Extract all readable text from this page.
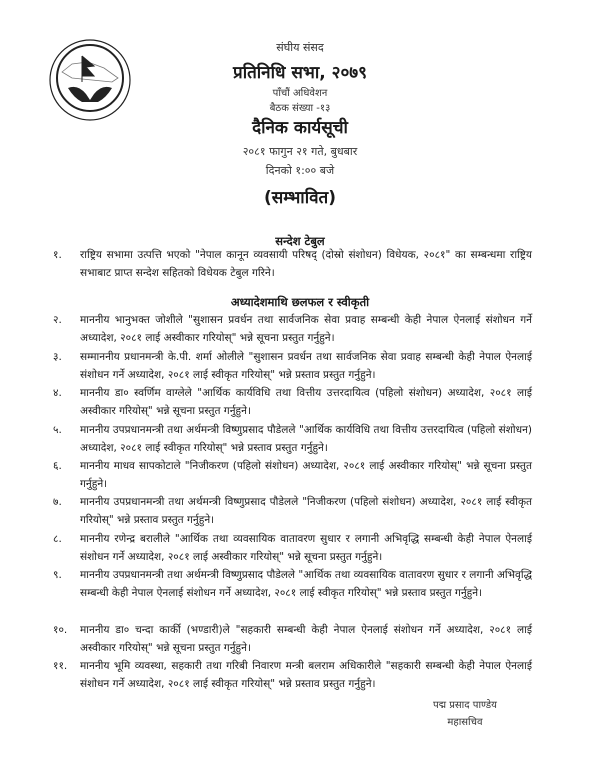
संघीय संसद
प्रतिनिधि सभा, २०७९
पाँचौं अधिवेशन
बैठक संख्या -१३
दैनिक कार्यसूची
२०८१ फागुन २१ गते, बुधबार
दिनको १:०० बजे
(सम्भावित)
सन्देश टेबुल
१. राष्ट्रिय सभामा उत्पत्ति भएको "नेपाल कानून व्यवसायी परिषद् (दोस्रो संशोधन) विधेयक, २०८१" का सम्बन्धमा राष्ट्रिय सभाबाट प्राप्त सन्देश सहितको विधेयक टेबुल गरिने।
अध्यादेशमाथि छलफल र स्वीकृती
२. माननीय भानुभक्त जोशीले "सुशासन प्रवर्धन तथा सार्वजनिक सेवा प्रवाह सम्बन्धी केही नेपाल ऐनलाई संशोधन गर्ने अध्यादेश, २०८१ लाई अस्वीकार गरियोस्" भन्ने सूचना प्रस्तुत गर्नुहुने।
३. सम्माननीय प्रधानमन्त्री के.पी. शर्मा ओलीले "सुशासन प्रवर्धन तथा सार्वजनिक सेवा प्रवाह सम्बन्धी केही नेपाल ऐनलाई संशोधन गर्ने अध्यादेश, २०८१ लाई स्वीकृत गरियोस्" भन्ने प्रस्ताव प्रस्तुत गर्नुहुने।
४. माननीय डा० स्वर्णिम वाग्लेले "आर्थिक कार्यविधि तथा वित्तीय उत्तरदायित्व (पहिलो संशोधन) अध्यादेश, २०८१ लाई अस्वीकार गरियोस्" भन्ने सूचना प्रस्तुत गर्नुहुने।
५. माननीय उपप्रधानमन्त्री तथा अर्थमन्त्री विष्णुप्रसाद पौडेलले "आर्थिक कार्यविधि तथा वित्तीय उत्तरदायित्व (पहिलो संशोधन) अध्यादेश, २०८१ लाई स्वीकृत गरियोस्" भन्ने प्रस्ताव प्रस्तुत गर्नुहुने।
६. माननीय माधव सापकोटाले "निजीकरण (पहिलो संशोधन) अध्यादेश, २०८१ लाई अस्वीकार गरियोस्" भन्ने सूचना प्रस्तुत गर्नुहुने।
७. माननीय उपप्रधानमन्त्री तथा अर्थमन्त्री विष्णुप्रसाद पौडेलले "निजीकरण (पहिलो संशोधन) अध्यादेश, २०८१ लाई स्वीकृत गरियोस्" भन्ने प्रस्ताव प्रस्तुत गर्नुहुने।
८. माननीय रणेन्द्र बरालीले "आर्थिक तथा व्यवसायिक वातावरण सुधार र लगानी अभिवृद्धि सम्बन्धी केही नेपाल ऐनलाई संशोधन गर्ने अध्यादेश, २०८१ लाई अस्वीकार गरियोस्" भन्ने सूचना प्रस्तुत गर्नुहुने।
९. माननीय उपप्रधानमन्त्री तथा अर्थमन्त्री विष्णुप्रसाद पौडेलले "आर्थिक तथा व्यवसायिक वातावरण सुधार र लगानी अभिवृद्धि सम्बन्धी केही नेपाल ऐनलाई संशोधन गर्ने अध्यादेश, २०८१ लाई स्वीकृत गरियोस्" भन्ने प्रस्ताव प्रस्तुत गर्नुहुने।
१०. माननीय डा० चन्दा कार्की (भण्डारी)ले "सहकारी सम्बन्धी केही नेपाल ऐनलाई संशोधन गर्ने अध्यादेश, २०८१ लाई अस्वीकार गरियोस्" भन्ने सूचना प्रस्तुत गर्नुहुने।
११. माननीय भूमि व्यवस्था, सहकारी तथा गरिबी निवारण मन्त्री बलराम अधिकारीले "सहकारी सम्बन्धी केही नेपाल ऐनलाई संशोधन गर्ने अध्यादेश, २०८१ लाई स्वीकृत गरियोस्" भन्ने प्रस्ताव प्रस्तुत गर्नुहुने।
पद्म प्रसाद पाण्डेय
महासचिव
